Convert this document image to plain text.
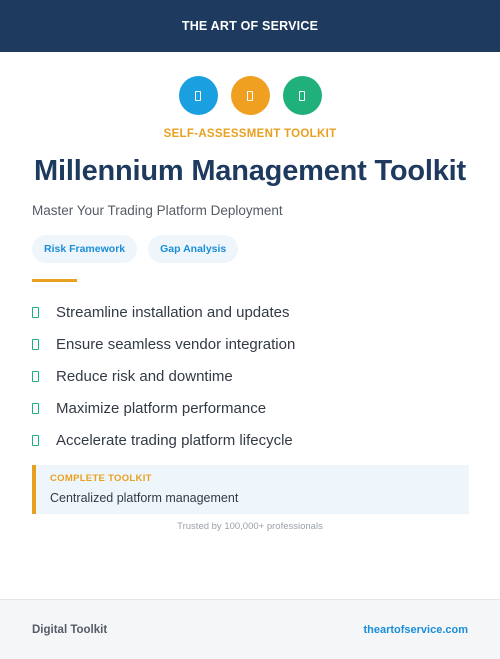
THE ART OF SERVICE
SELF-ASSESSMENT TOOLKIT
Millennium Management Toolkit
Master Your Trading Platform Deployment
Risk Framework	Gap Analysis
Streamline installation and updates
Ensure seamless vendor integration
Reduce risk and downtime
Maximize platform performance
Accelerate trading platform lifecycle
COMPLETE TOOLKIT
Centralized platform management
Trusted by 100,000+ professionals
Digital Toolkit	theartofservice.com
